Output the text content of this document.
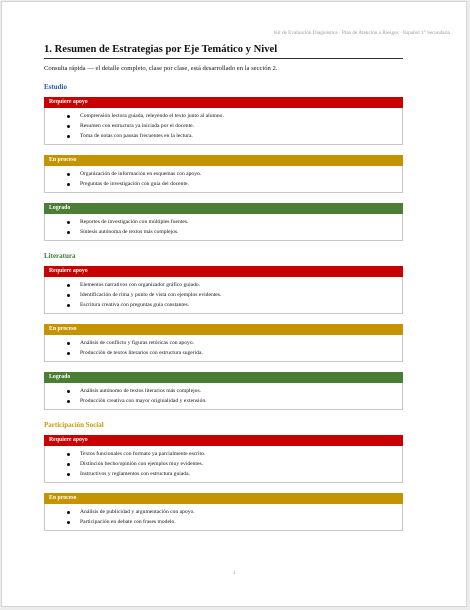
Kit de Evaluación Diagnóstica · Plan de Atención a Riesgos · Español 1° Secundaria
1. Resumen de Estrategias por Eje Temático y Nivel
Consulta rápida — el detalle completo, clase por clase, está desarrollado en la sección 2.
Estudio
Requiere apoyo
Comprensión lectora guiada, releyendo el texto junto al alumno.
Resumen con estructura ya iniciada por el docente.
Toma de notas con pausas frecuentes en la lectura.
En proceso
Organización de información en esquemas con apoyo.
Preguntas de investigación con guía del docente.
Logrado
Reportes de investigación con múltiples fuentes.
Síntesis autónoma de textos más complejos.
Literatura
Requiere apoyo
Elementos narrativos con organizador gráfico guiado.
Identificación de rima y punto de vista con ejemplos evidentes.
Escritura creativa con preguntas guía constantes.
En proceso
Análisis de conflicto y figuras retóricas con apoyo.
Producción de textos literarios con estructura sugerida.
Logrado
Análisis autónomo de textos literarios más complejos.
Producción creativa con mayor originalidad y extensión.
Participación Social
Requiere apoyo
Textos funcionales con formato ya parcialmente escrito.
Distinción hecho/opinión con ejemplos muy evidentes.
Instructivos y reglamentos con estructura guiada.
En proceso
Análisis de publicidad y argumentación con apoyo.
Participación en debate con frases modelo.
4
